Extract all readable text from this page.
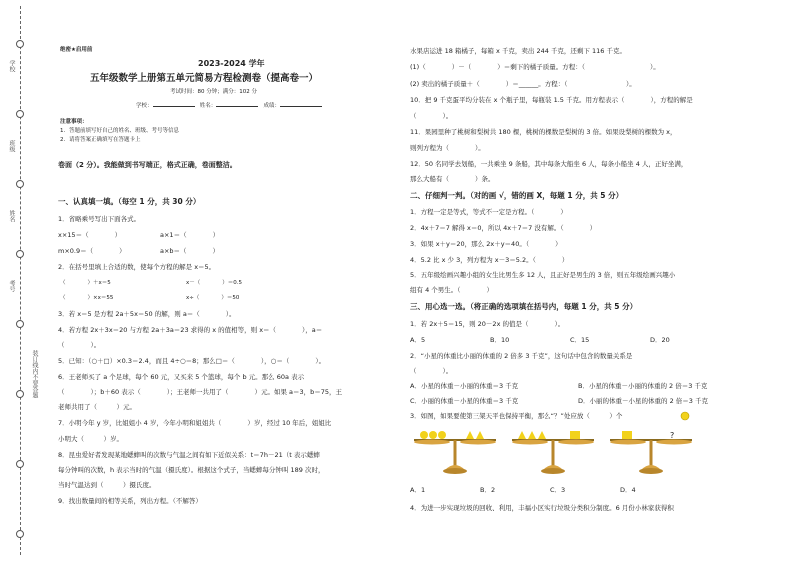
学校
班级
姓名
考号
装订线内不要答题
绝密★启用前
2023-2024 学年
五年级数学上册第五单元简易方程检测卷（提高卷一）
考试时间：80 分钟；满分：102 分
学校：	姓名：	成绩：
注意事项：
1．答题前填写好自己的姓名、班级、考号等信息
2．请将答案正确填写在答题卡上
卷面（2 分）。我能做到书写端正，格式正确，卷面整洁。
一、认真填一填。（每空 1 分，共 30 分）
1．省略乘号写出下面各式。
x×15＝（　　　　）	a×1＝（　　　　）
m×0.9＝（　　　　）	a×b＝（　　　　）
2．在括号里填上合适的数，使每个方程的解是 x＝5。
（　　　　）＋x＝5	x－（　　　　）＝0.5
（　　　　）×x＝55	x÷（　　　　）＝50
3．若 x＝5 是方程 2a＋5x＝50 的解，则 a＝（　　　　）。
4．若方程 2x＋3x＝20 与方程 2a＋3a＝23 求得的 x 的值相等，则 x＝（　　　　），a＝
（　　　　）。
5．已知：（○＋□）×0.3＝2.4，而且 4÷○＝8；那么□＝（　　　　），○＝（　　　　）。
6．王老师买了 a 个足球，每个 60 元，又买来 5 个篮球，每个 b 元。那么 60a 表示
（　　　　）；b＋60 表示（　　　　）；王老师一共用了（　　　　）元。如果 a＝3，b＝75，王
老师共用了（　　　）元。
7．小明今年 y 岁，比姐姐小 4 岁，今年小明和姐姐共（　　　　）岁，经过 10 年后，姐姐比
小明大（　　　）岁。
8．昆虫爱好者发现某地蟋蟀叫的次数与气温之间有如下近似关系：t＝7h－21（t 表示蟋蟀
每分钟叫的次数，h 表示当时的气温（摄氏度）。根据这个式子，当蟋蟀每分钟叫 189 次时，
当时气温达到（　　　）摄氏度。
9．找出数量间的相等关系，列出方程。（不解答）
水果店运进 18 箱橘子，每箱 x 千克，卖出 244 千克，还剩下 116 千克。
(1)（　　　　）－（　　　　）＝剩下的橘子质量。方程：（　　　　　　　　　　）。
(2) 卖出的橘子质量＋（　　　　）＝______。方程：（　　　　　　　　　）。
10．把 9 千克蛋平均分装在 x 个瓶子里，每瓶装 1.5 千克。用方程表示（　　　　），方程的解是
（　　　　）。
11．果园里种了桃树和梨树共 180 棵，桃树的棵数是梨树的 3 倍。如果设梨树的棵数为 x，
则列方程为（　　　　）。
12．50 名同学去划船，一共乘坐 9 条船，其中每条大船坐 6 人，每条小船坐 4 人，正好坐满，
那么大船有（　　　　）条。
二、仔细判一判。（对的画 √，错的画 X，每题 1 分，共 5 分）
1．方程一定是等式，等式不一定是方程。（　　　　）
2．4x＋7＝7 解得 x＝0，所以 4x＋7＝7 没有解。（　　　　）
3．如果 x＋y＝20，那么 2x＋y＝40。（　　　　）
4．5.2 比 x 少 3，列方程为 x－3＝5.2。（　　　　）
5．五年级绘画兴趣小组的女生比男生多 12 人，且正好是男生的 3 倍，则五年级绘画兴趣小
组有 4 个男生。（　　　　）
三、用心选一选。（将正确的选项填在括号内，每题 1 分，共 5 分）
1．若 2x＋5＝15，则 20－2x 的值是（　　　　）。
A．5	B．10	C．15	D．20
2．“小星的体重比小丽的体重的 2 倍多 3 千克”，这句话中包含的数量关系是
（　　　　）。
A．小星的体重－小丽的体重＝3 千克	B．小星的体重－小丽的体重的 2 倍＝3 千克
C．小丽的体重－小星的体重＝3 千克	D．小丽的体重－小星的体重的 2 倍＝3 千克
3．如图，如果要使第三架天平也保持平衡，那么“？”处应放（　　　）个
?
A．1	B．2	C．3	D．4
4．为进一步实现垃圾的回收、利用，丰福小区实行垃圾分类积分制度。6 月份小林家获得积
